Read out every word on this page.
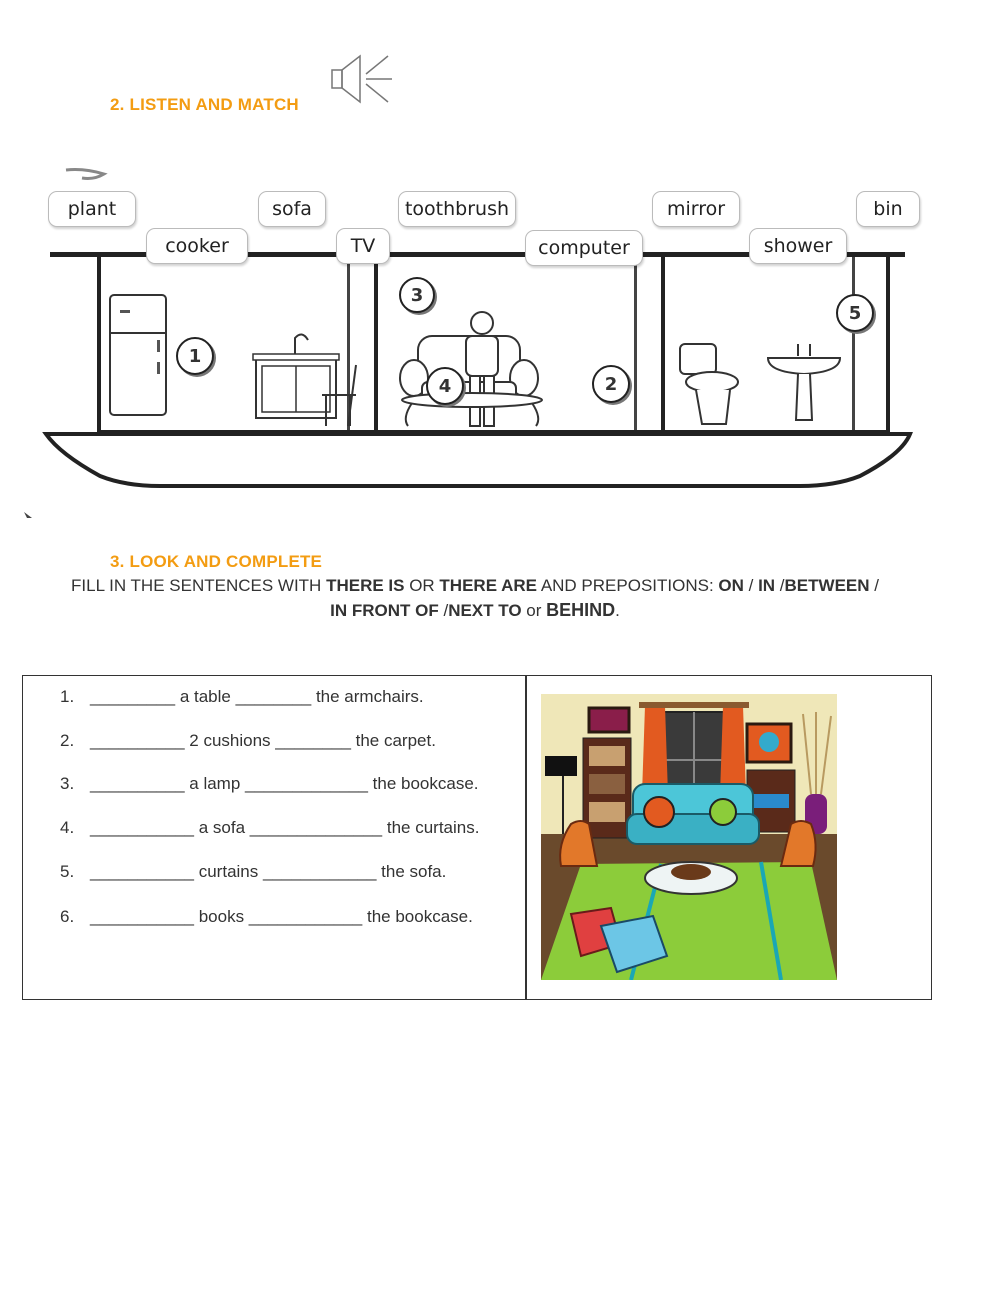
2. LISTEN AND MATCH
1
2
3
4
5
plant
cooker
sofa
TV
toothbrush
computer
mirror
shower
bin
3. LOOK AND COMPLETE
FILL IN THE SENTENCES WITH THERE IS OR THERE ARE AND PREPOSITIONS: ON / IN /BETWEEN /
IN FRONT OF /NEXT TO or BEHIND.
1. _________ a table ________ the armchairs.
2. __________ 2 cushions ________ the carpet.
3. __________ a lamp _____________ the bookcase.
4. ___________ a sofa ______________ the curtains.
5. ___________ curtains ____________ the sofa.
6. ___________ books ____________ the bookcase.
